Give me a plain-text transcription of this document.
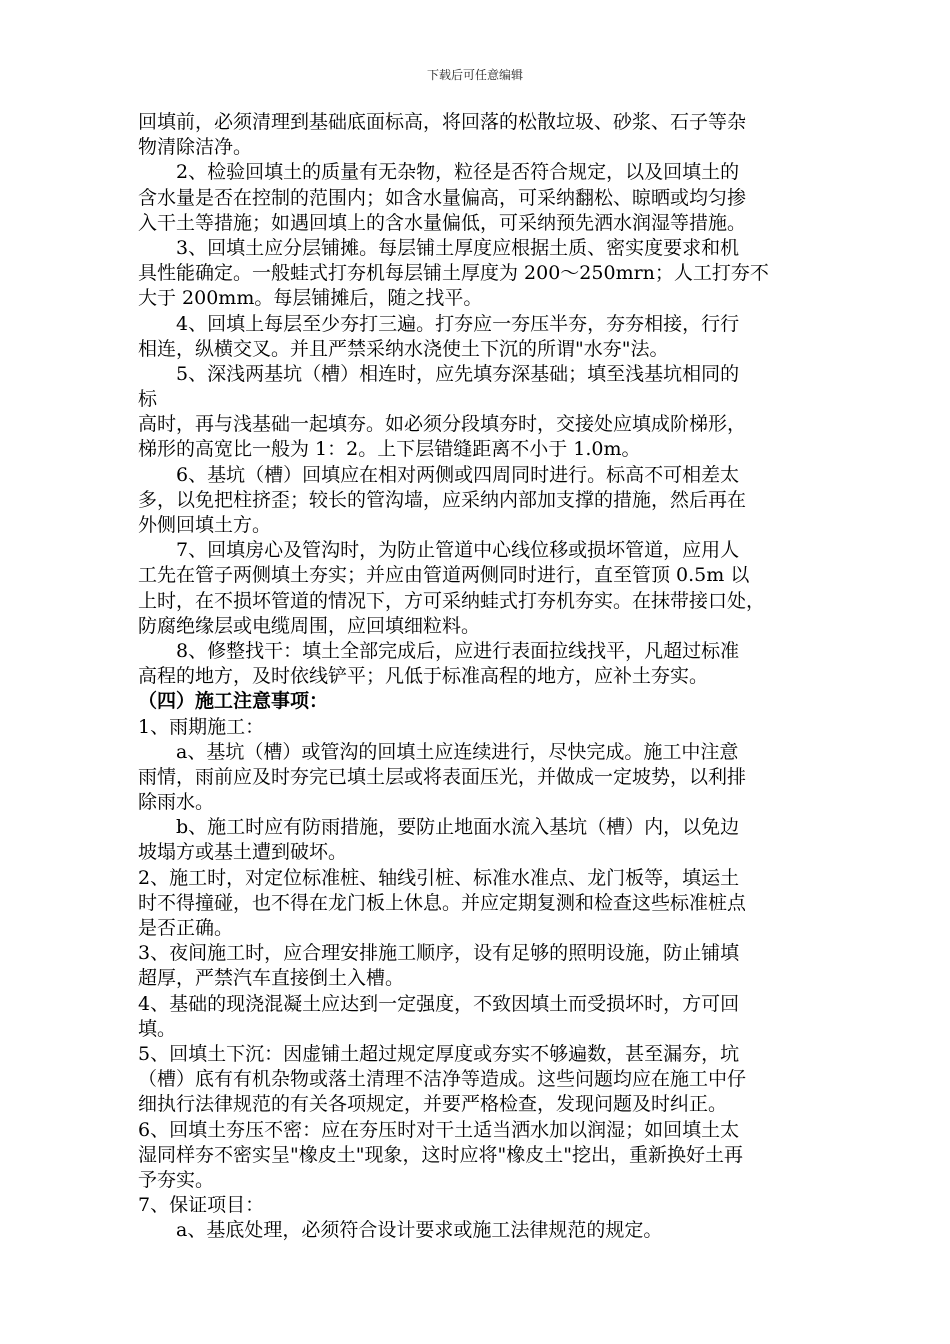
下载后可任意编辑
回填前，必须清理到基础底面标高，将回落的松散垃圾、砂浆、石子等杂
物清除洁净。
2、检验回填土的质量有无杂物，粒径是否符合规定，以及回填土的
含水量是否在控制的范围内；如含水量偏高，可采纳翻松、晾晒或均匀掺
入干土等措施；如遇回填上的含水量偏低，可采纳预先洒水润湿等措施。
3、回填土应分层铺摊。每层铺土厚度应根据土质、密实度要求和机
具性能确定。一般蛙式打夯机每层铺土厚度为 200～250mrn；人工打夯不
大于 200mm。每层铺摊后，随之找平。
4、回填上每层至少夯打三遍。打夯应一夯压半夯，夯夯相接，行行
相连，纵横交叉。并且严禁采纳水浇使土下沉的所谓"水夯"法。
5、深浅两基坑（槽）相连时，应先填夯深基础；填至浅基坑相同的
标
高时，再与浅基础一起填夯。如必须分段填夯时，交接处应填成阶梯形，
梯形的高宽比一般为 1：2。上下层错缝距离不小于 1.0m。
6、基坑（槽）回填应在相对两侧或四周同时进行。标高不可相差太
多，以免把柱挤歪；较长的管沟墙，应采纳内部加支撑的措施，然后再在
外侧回填土方。
7、回填房心及管沟时，为防止管道中心线位移或损坏管道，应用人
工先在管子两侧填土夯实；并应由管道两侧同时进行，直至管顶 0.5m 以
上时，在不损坏管道的情况下，方可采纳蛙式打夯机夯实。在抹带接口处，
防腐绝缘层或电缆周围，应回填细粒料。
8、修整找干：填土全部完成后，应进行表面拉线找平，凡超过标准
高程的地方，及时依线铲平；凡低于标准高程的地方，应补土夯实。
（四）施工注意事项：
1、雨期施工：
a、基坑（槽）或管沟的回填土应连续进行，尽快完成。施工中注意
雨情，雨前应及时夯完已填土层或将表面压光，并做成一定坡势，以利排
除雨水。
b、施工时应有防雨措施，要防止地面水流入基坑（槽）内，以免边
坡塌方或基土遭到破坏。
2、施工时，对定位标准桩、轴线引桩、标准水准点、龙门板等，填运土
时不得撞碰，也不得在龙门板上休息。并应定期复测和检查这些标准桩点
是否正确。
3、夜间施工时，应合理安排施工顺序，设有足够的照明设施，防止铺填
超厚，严禁汽车直接倒土入槽。
4、基础的现浇混凝土应达到一定强度，不致因填土而受损坏时，方可回
填。
5、回填土下沉：因虚铺土超过规定厚度或夯实不够遍数，甚至漏夯，坑
（槽）底有有机杂物或落土清理不洁净等造成。这些问题均应在施工中仔
细执行法律规范的有关各项规定，并要严格检查，发现问题及时纠正。
6、回填土夯压不密：应在夯压时对干土适当洒水加以润湿；如回填土太
湿同样夯不密实呈"橡皮土"现象，这时应将"橡皮土"挖出，重新换好土再
予夯实。
7、保证项目：
a、基底处理，必须符合设计要求或施工法律规范的规定。
